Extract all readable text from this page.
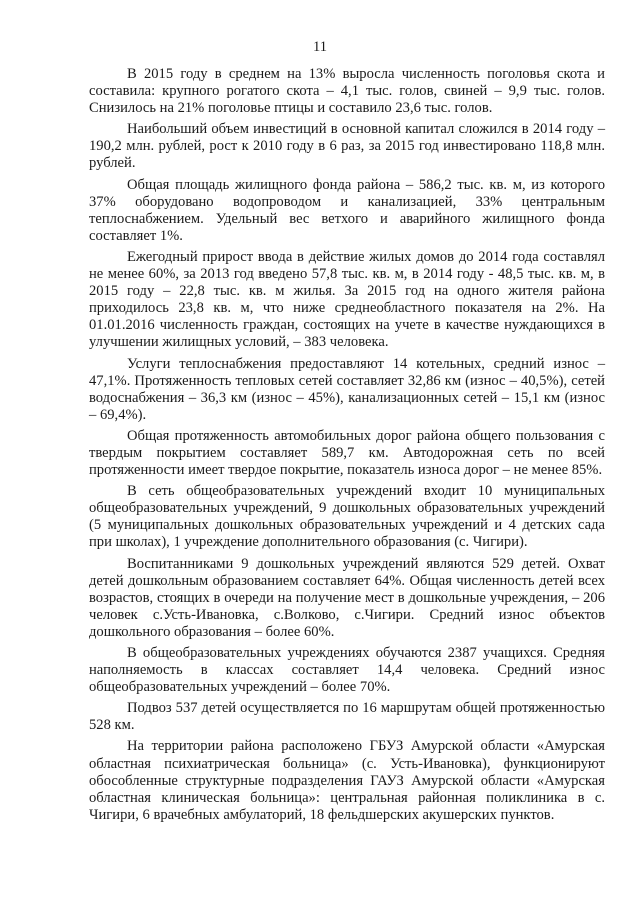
11

В 2015 году в среднем на 13% выросла численность поголовья скота и составила: крупного рогатого скота – 4,1 тыс. голов, свиней – 9,9 тыс. голов. Снизилось на 21% поголовье птицы и составило 23,6 тыс. голов.

Наибольший объем инвестиций в основной капитал сложился в 2014 году – 190,2 млн. рублей, рост к 2010 году в 6 раз, за 2015 год инвестировано 118,8 млн. рублей.

Общая площадь жилищного фонда района – 586,2 тыс. кв. м, из которого 37% оборудовано водопроводом и канализацией, 33% центральным теплоснабжением. Удельный вес ветхого и аварийного жилищного фонда составляет 1%.

Ежегодный прирост ввода в действие жилых домов до 2014 года составлял не менее 60%, за 2013 год введено 57,8 тыс. кв. м, в 2014 году - 48,5 тыс. кв. м, в 2015 году – 22,8 тыс. кв. м жилья. За 2015 год на одного жителя района приходилось 23,8 кв. м, что ниже среднеобластного показателя на 2%. На 01.01.2016 численность граждан, состоящих на учете в качестве нуждающихся в улучшении жилищных условий, – 383 человека.

Услуги теплоснабжения предоставляют 14 котельных, средний износ – 47,1%. Протяженность тепловых сетей составляет 32,86 км (износ – 40,5%), сетей водоснабжения – 36,3 км (износ – 45%), канализационных сетей – 15,1 км (износ – 69,4%).

Общая протяженность автомобильных дорог района общего пользования с твердым покрытием составляет 589,7 км. Автодорожная сеть по всей протяженности имеет твердое покрытие, показатель износа дорог – не менее 85%.

В сеть общеобразовательных учреждений входит 10 муниципальных общеобразовательных учреждений, 9 дошкольных образовательных учреждений (5 муниципальных дошкольных образовательных учреждений и 4 детских сада при школах), 1 учреждение дополнительного образования (с. Чигири).

Воспитанниками 9 дошкольных учреждений являются 529 детей. Охват детей дошкольным образованием составляет 64%. Общая численность детей всех возрастов, стоящих в очереди на получение мест в дошкольные учреждения, – 206 человек с.Усть-Ивановка, с.Волково, с.Чигири. Средний износ объектов дошкольного образования – более 60%.

В общеобразовательных учреждениях обучаются 2387 учащихся. Средняя наполняемость в классах составляет 14,4 человека. Средний износ общеобразовательных учреждений – более 70%.

Подвоз 537 детей осуществляется по 16 маршрутам общей протяженностью 528 км.

На территории района расположено ГБУЗ Амурской области «Амурская областная психиатрическая больница» (с. Усть-Ивановка), функционируют обособленные структурные подразделения ГАУЗ Амурской области «Амурская областная клиническая больница»: центральная районная поликлиника в с. Чигири, 6 врачебных амбулаторий, 18 фельдшерских акушерских пунктов.
